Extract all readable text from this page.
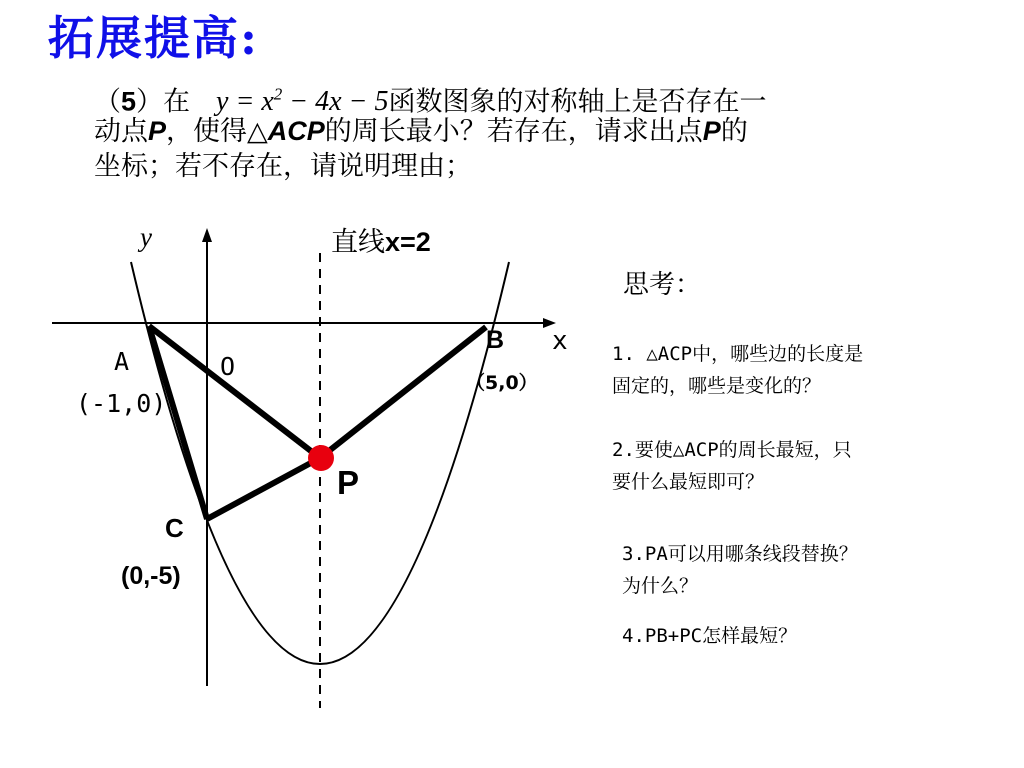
拓展提高:
（5）在 $y = x^2 - 4x - 5$函数图象的对称轴上是否存在一
动点P，使得△ACP的周长最小？若存在，请求出点P的
坐标；若不存在，请说明理由；
y
x
直线x=2
O
A
(-1,0)
B
（5,0）
C
(0,-5)
P
思考：
1. △ACP中，哪些边的长度是
固定的，哪些是变化的？
2.要使△ACP的周长最短，只
要什么最短即可？
3.PA可以用哪条线段替换？
为什么？
4.PB+PC怎样最短？
